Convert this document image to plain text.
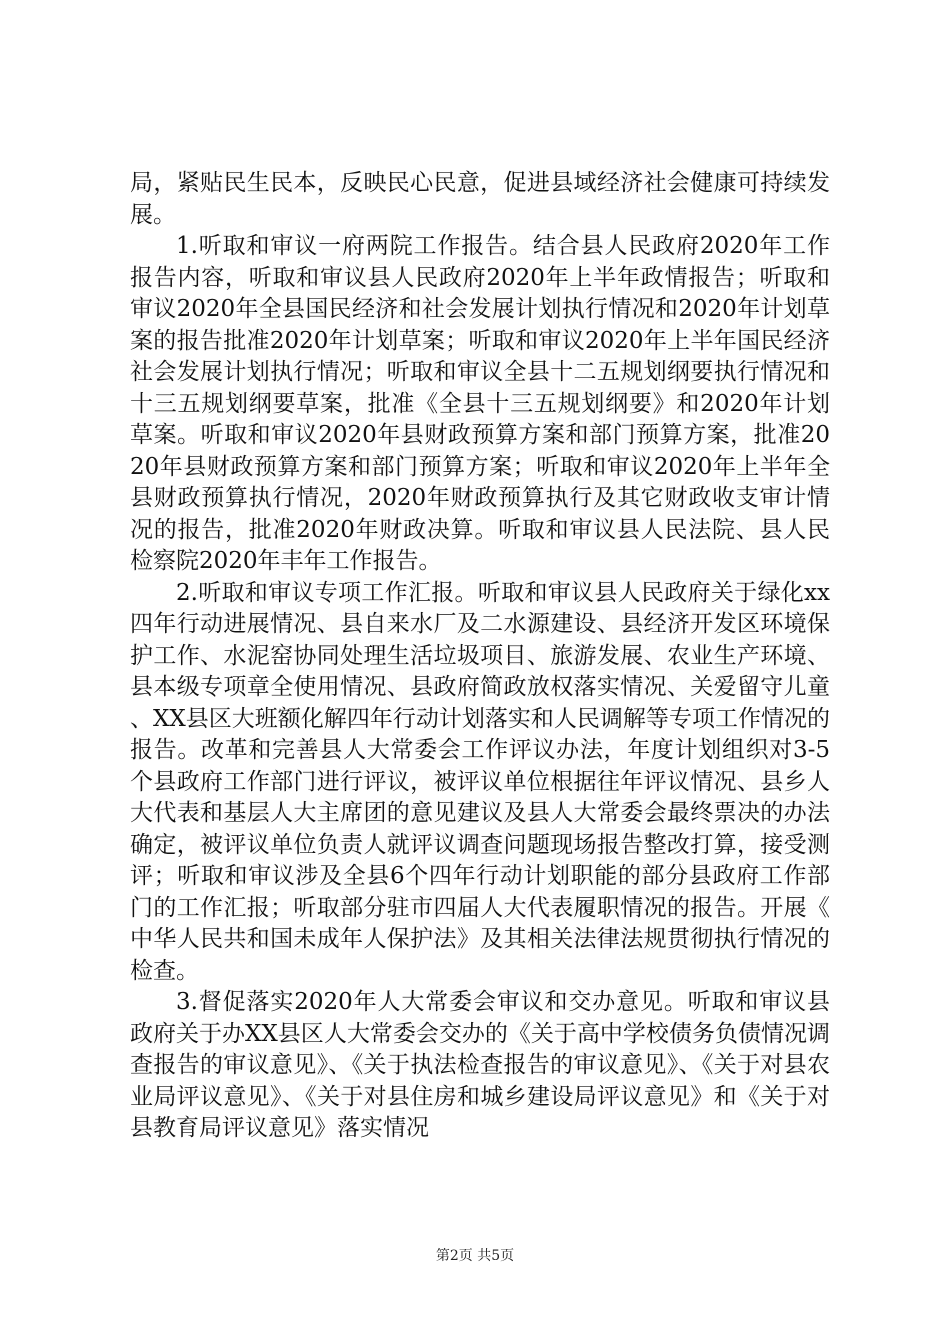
局，紧贴民生民本，反映民心民意，促进县域经济社会健康可持续发展。

1.听取和审议一府两院工作报告。结合县人民政府2020年工作报告内容，听取和审议县人民政府2020年上半年政情报告；听取和审议2020年全县国民经济和社会发展计划执行情况和2020年计划草案的报告批准2020年计划草案；听取和审议2020年上半年国民经济社会发展计划执行情况；听取和审议全县十二五规划纲要执行情况和十三五规划纲要草案，批准《全县十三五规划纲要》和2020年计划草案。听取和审议2020年县财政预算方案和部门预算方案，批准2020年县财政预算方案和部门预算方案；听取和审议2020年上半年全县财政预算执行情况，2020年财政预算执行及其它财政收支审计情况的报告，批准2020年财政决算。听取和审议县人民法院、县人民检察院2020年丰年工作报告。

2.听取和审议专项工作汇报。听取和审议县人民政府关于绿化xx四年行动进展情况、县自来水厂及二水源建设、县经济开发区环境保护工作、水泥窑协同处理生活垃圾项目、旅游发展、农业生产环境、县本级专项章全使用情况、县政府简政放权落实情况、关爱留守儿童、XX县区大班额化解四年行动计划落实和人民调解等专项工作情况的报告。改革和完善县人大常委会工作评议办法，年度计划组织对3-5个县政府工作部门进行评议，被评议单位根据往年评议情况、县乡人大代表和基层人大主席团的意见建议及县人大常委会最终票决的办法确定，被评议单位负责人就评议调查问题现场报告整改打算，接受测评；听取和审议涉及全县6个四年行动计划职能的部分县政府工作部门的工作汇报；听取部分驻市四届人大代表履职情况的报告。开展《中华人民共和国未成年人保护法》及其相关法律法规贯彻执行情况的检查。

3.督促落实2020年人大常委会审议和交办意见。听取和审议县政府关于办XX县区人大常委会交办的《关于高中学校债务负债情况调查报告的审议意见》、《关于执法检查报告的审议意见》、《关于对县农业局评议意见》、《关于对县住房和城乡建设局评议意见》和《关于对县教育局评议意见》落实情况

第2页 共5页
